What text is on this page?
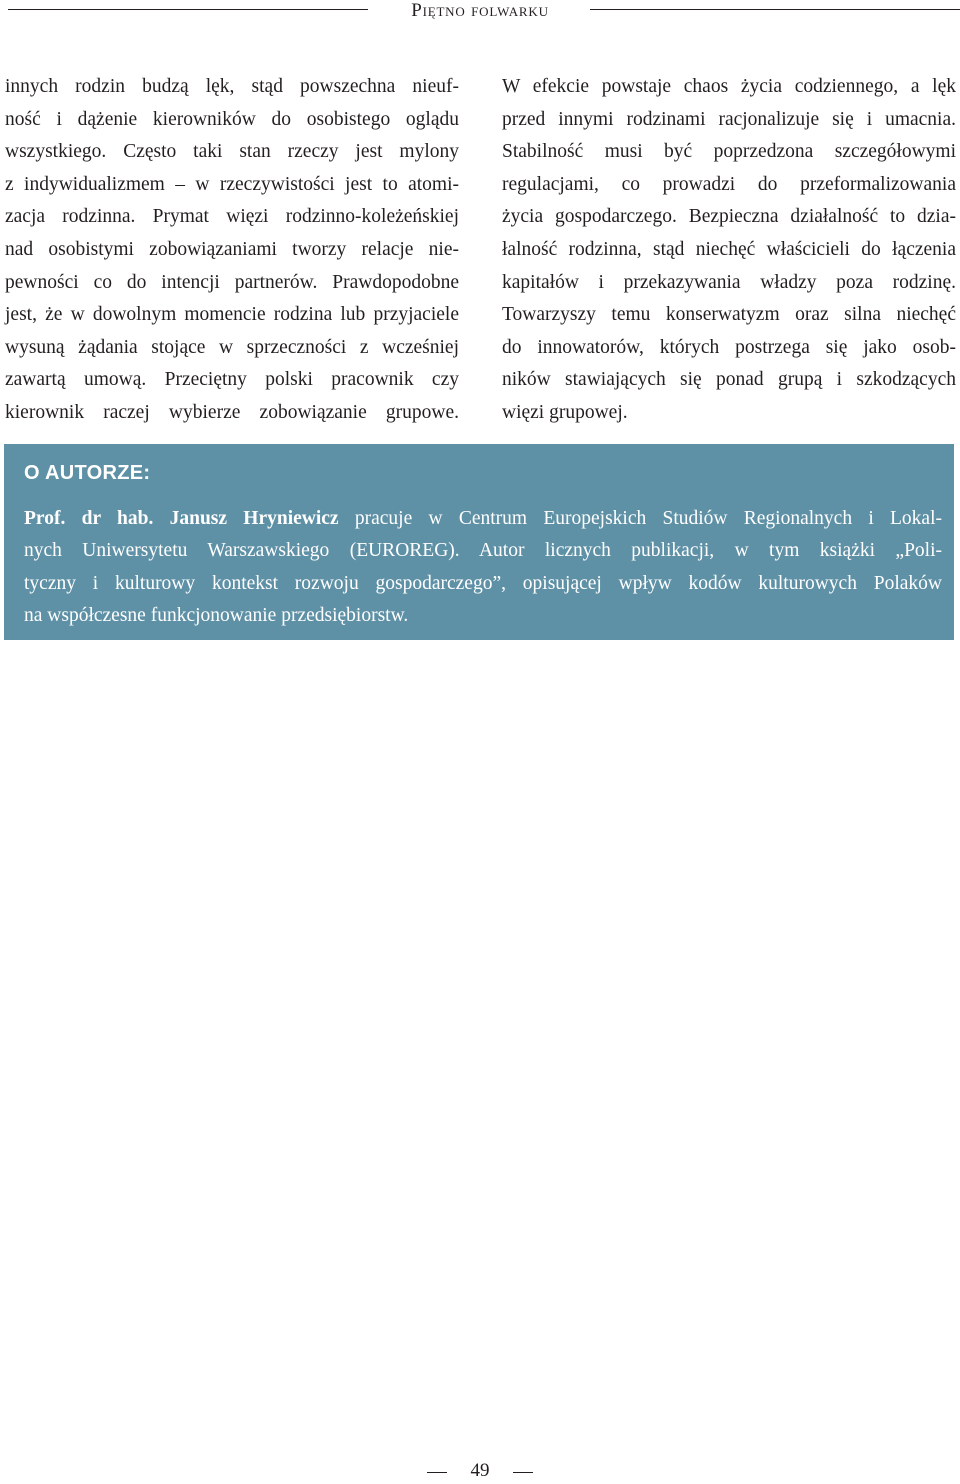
Piętno folwarku
innych rodzin budzą lęk, stąd powszechna nieuf-
ność i dążenie kierowników do osobistego oglądu
wszystkiego. Często taki stan rzeczy jest mylony
z indywidualizmem – w rzeczywistości jest to atomi-
zacja rodzinna. Prymat więzi rodzinno-koleżeńskiej
nad osobistymi zobowiązaniami tworzy relacje nie-
pewności co do intencji partnerów. Prawdopodobne
jest, że w dowolnym momencie rodzina lub przyjaciele
wysuną żądania stojące w sprzeczności z wcześniej
zawartą umową. Przeciętny polski pracownik czy
kierownik raczej wybierze zobowiązanie grupowe.
W efekcie powstaje chaos życia codziennego, a lęk
przed innymi rodzinami racjonalizuje się i umacnia.
Stabilność musi być poprzedzona szczegółowymi
regulacjami, co prowadzi do przeformalizowania
życia gospodarczego. Bezpieczna działalność to dzia-
łalność rodzinna, stąd niechęć właścicieli do łączenia
kapitałów i przekazywania władzy poza rodzinę.
Towarzyszy temu konserwatyzm oraz silna niechęć
do innowatorów, których postrzega się jako osob-
ników stawiających się ponad grupą i szkodzących
więzi grupowej.
O AUTORZE:
Prof. dr hab. Janusz Hryniewicz pracuje w Centrum Europejskich Studiów Regionalnych i Lokal-
nych Uniwersytetu Warszawskiego (EUROREG). Autor licznych publikacji, w tym książki „Poli-
tyczny i kulturowy kontekst rozwoju gospodarczego”, opisującej wpływ kodów kulturowych Polaków
na współczesne funkcjonowanie przedsiębiorstw.
49
